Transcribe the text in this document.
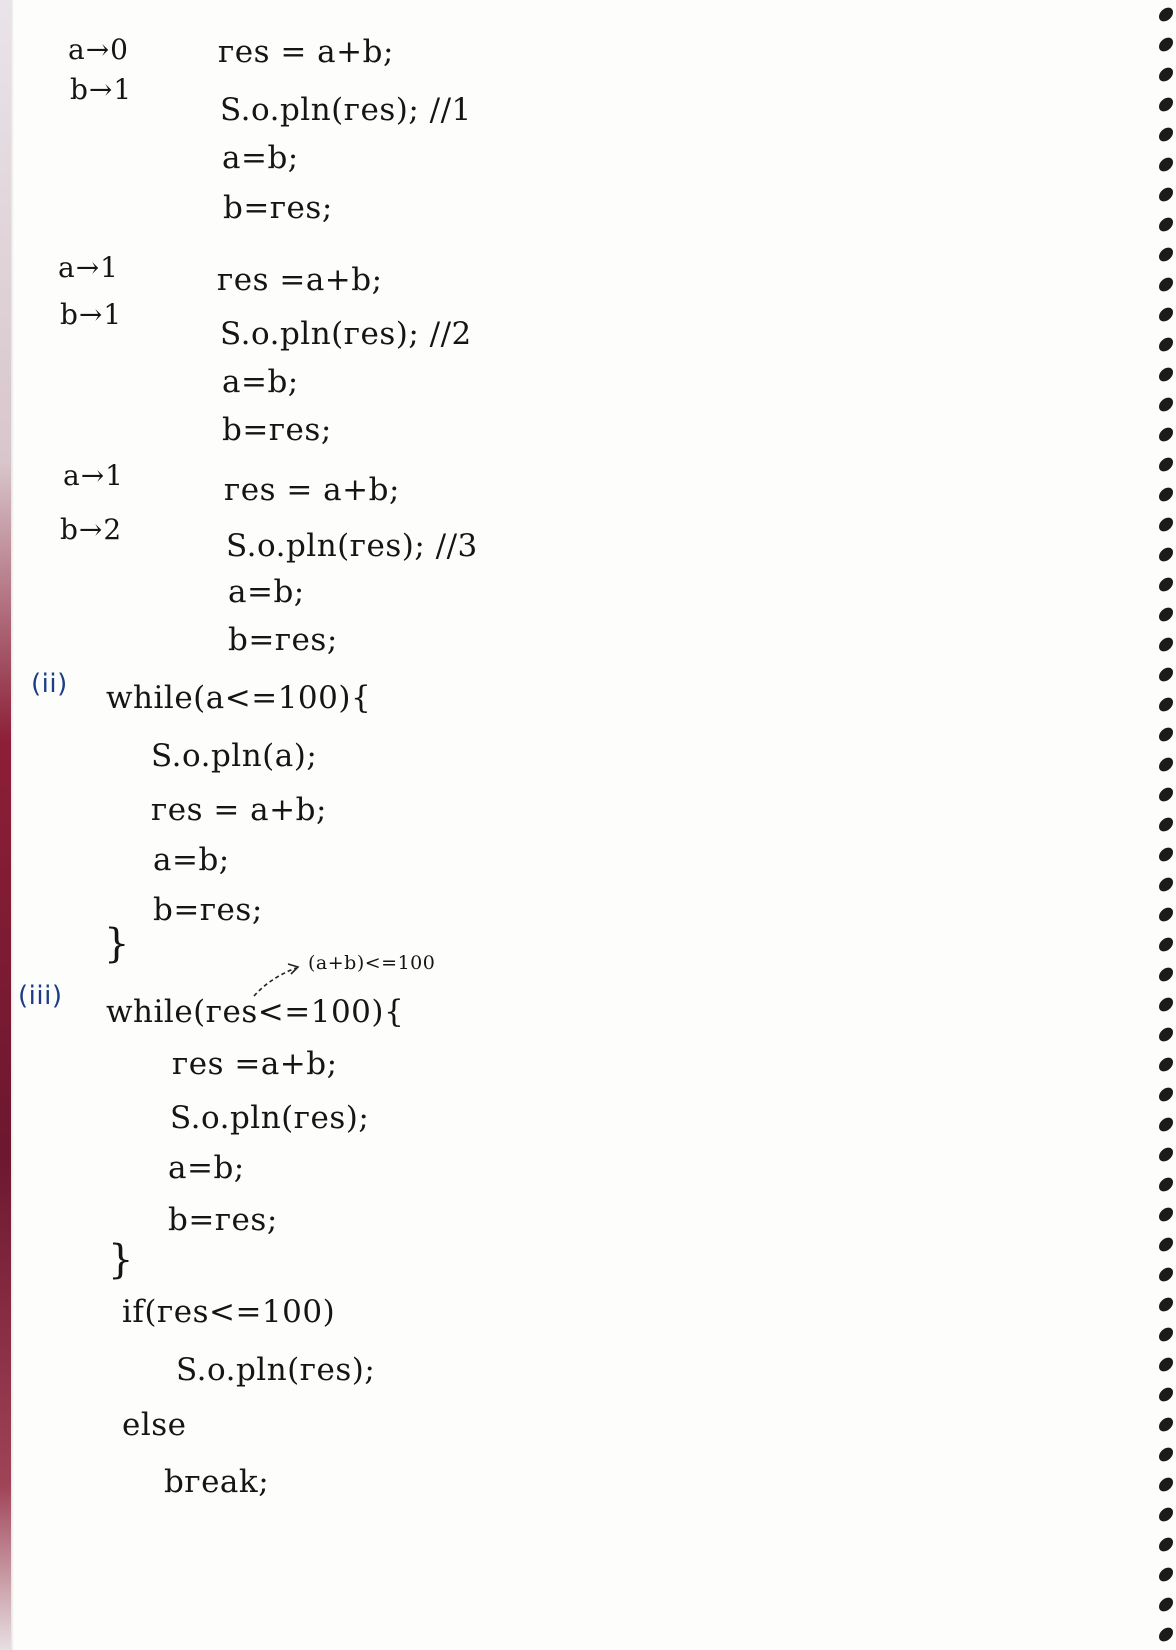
a→0
b→1
гes = a+b;
S.o.pln(гes); //1
a=b;
b=гes;
a→1
b→1
гes =a+b;
S.o.pln(гes); //2
a=b;
b=гes;
a→1
b→2
гes = a+b;
S.o.pln(гes); //3
a=b;
b=гes;
(ii) while(a<=100){
S.o.pln(a);
гes = a+b;
a=b;
b=гes;
}	(a+b)<=100
(iii) while(гes<=100){
гes =a+b;
S.o.pln(гes);
a=b;
b=гes;
}
if(гes<=100)
S.o.pln(гes);
else
bгeak;
